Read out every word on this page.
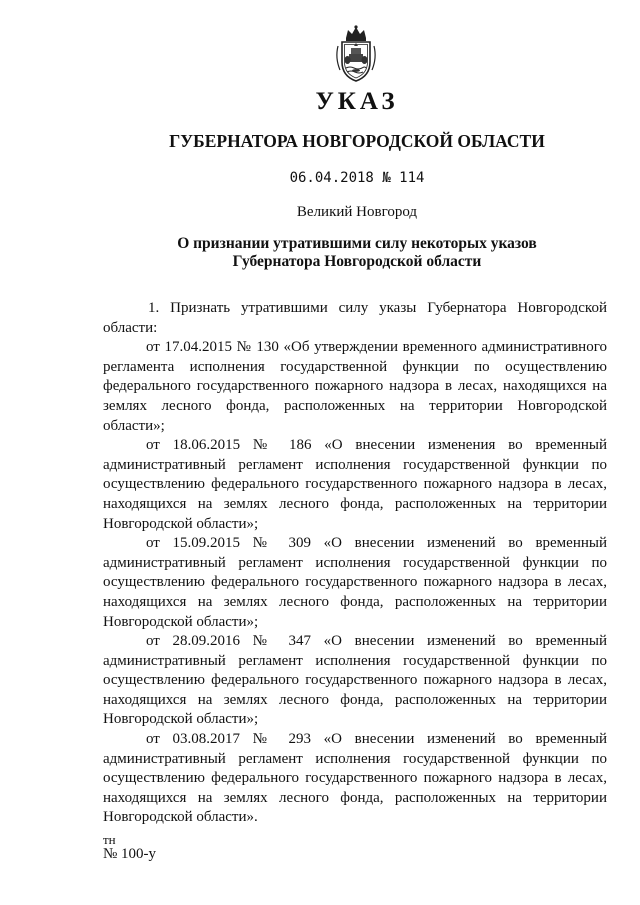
УКАЗ
ГУБЕРНАТОРА НОВГОРОДСКОЙ ОБЛАСТИ
06.04.2018 № 114
Великий Новгород
О признании утратившими силу некоторых указов
Губернатора Новгородской области

1. Признать утратившими силу указы Губернатора Новгородской области:

от 17.04.2015 № 130 «Об утверждении временного административного регламента исполнения государственной функции по осуществлению федерального государственного пожарного надзора в лесах, находящихся на землях лесного фонда, расположенных на территории Новгородской области»;

от 18.06.2015 № 186 «О внесении изменения во временный административный регламент исполнения государственной функции по осуществлению федерального государственного пожарного надзора в лесах, находящихся на землях лесного фонда, расположенных на территории Новгородской области»;

от 15.09.2015 № 309 «О внесении изменений во временный административный регламент исполнения государственной функции по осуществлению федерального государственного пожарного надзора в лесах, находящихся на землях лесного фонда, расположенных на территории Новгородской области»;

от 28.09.2016 № 347 «О внесении изменений во временный административный регламент исполнения государственной функции по осуществлению федерального государственного пожарного надзора в лесах, находящихся на землях лесного фонда, расположенных на территории Новгородской области»;

от 03.08.2017 № 293 «О внесении изменений во временный административный регламент исполнения государственной функции по осуществлению федерального государственного пожарного надзора в лесах, находящихся на землях лесного фонда, расположенных на территории Новгородской области».

тн
№ 100-у
